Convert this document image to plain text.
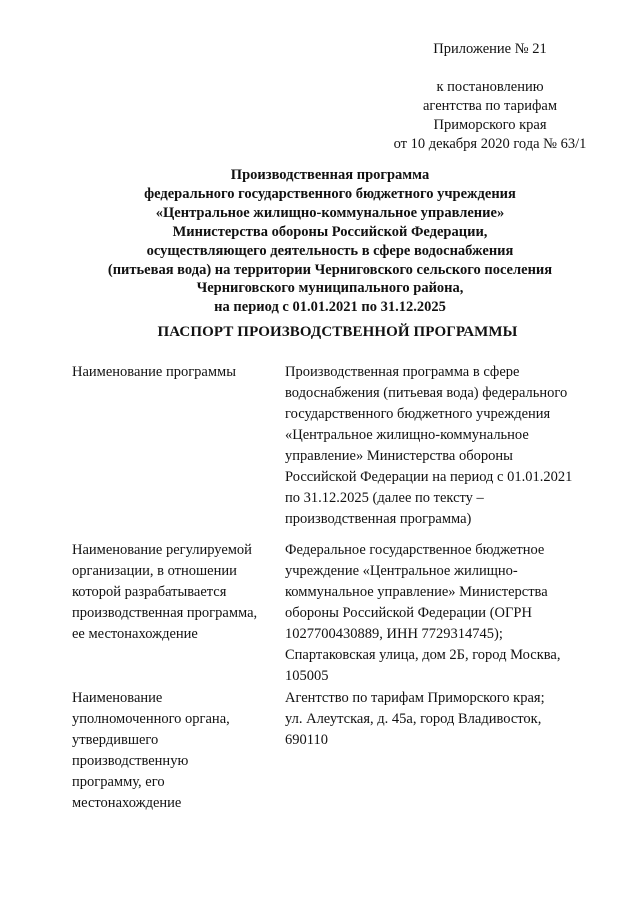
Приложение № 21
к постановлению
агентства по тарифам
Приморского края
от 10 декабря 2020 года № 63/1
Производственная программа
федерального государственного бюджетного учреждения
«Центральное жилищно-коммунальное управление»
Министерства обороны Российской Федерации,
осуществляющего деятельность в сфере водоснабжения
(питьевая вода) на территории Черниговского сельского поселения
Черниговского муниципального района,
на период с 01.01.2021 по 31.12.2025
ПАСПОРТ ПРОИЗВОДСТВЕННОЙ ПРОГРАММЫ
Наименование программы	Производственная программа в сфере
водоснабжения (питьевая вода) федерального
государственного бюджетного учреждения
«Центральное жилищно-коммунальное
управление» Министерства обороны
Российской Федерации на период с 01.01.2021
по 31.12.2025 (далее по тексту –
производственная программа)
Наименование регулируемой
организации, в отношении
которой разрабатывается
производственная программа,
ее местонахождение
Федеральное государственное бюджетное
учреждение «Центральное жилищно-
коммунальное управление» Министерства
обороны Российской Федерации (ОГРН
1027700430889, ИНН 7729314745);
Спартаковская улица, дом 2Б, город Москва,
105005
Наименование
уполномоченного органа,
утвердившего
производственную
программу, его
местонахождение
Агентство по тарифам Приморского края;
ул. Алеутская, д. 45а, город Владивосток,
690110
